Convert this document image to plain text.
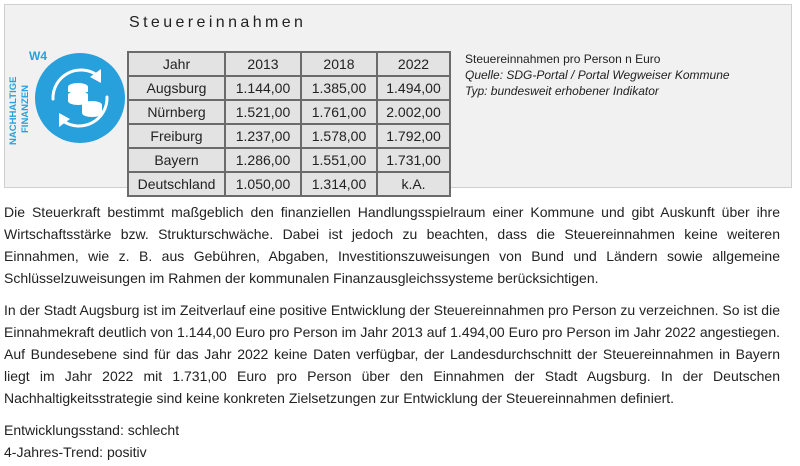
Steuereinnahmen
NACHHALTIGE FINANZEN
W4	Jahr	2013	2018	2022
Augsburg	1.144,00	1.385,00	1.494,00
Nürnberg	1.521,00	1.761,00	2.002,00
Freiburg	1.237,00	1.578,00	1.792,00
Bayern	1.286,00	1.551,00	1.731,00
Deutschland	1.050,00	1.314,00	k.A.
Steuereinnahmen pro Person n Euro
Quelle: SDG-Portal / Portal Wegweiser Kommune
Typ: bundesweit erhobener Indikator

Die Steuerkraft bestimmt maßgeblich den finanziellen Handlungsspielraum einer Kommune und gibt Auskunft über ihre Wirtschaftsstärke bzw. Strukturschwäche. Dabei ist jedoch zu beachten, dass die Steuereinnahmen keine weiteren Einnahmen, wie z. B. aus Gebühren, Abgaben, Investitionszuweisungen von Bund und Ländern sowie allgemeine Schlüsselzuweisungen im Rahmen der kommunalen Finanzausgleichssysteme berücksichtigen.

In der Stadt Augsburg ist im Zeitverlauf eine positive Entwicklung der Steuereinnahmen pro Person zu verzeichnen. So ist die Einnahmekraft deutlich von 1.144,00 Euro pro Person im Jahr 2013 auf 1.494,00 Euro pro Person im Jahr 2022 angestiegen. Auf Bundesebene sind für das Jahr 2022 keine Daten verfügbar, der Landesdurchschnitt der Steuereinnahmen in Bayern liegt im Jahr 2022 mit 1.731,00 Euro pro Person über den Einnahmen der Stadt Augsburg. In der Deutschen Nachhaltigkeitsstrategie sind keine konkreten Zielsetzungen zur Entwicklung der Steuereinnahmen definiert.

Entwicklungsstand: schlecht

4-Jahres-Trend: positiv
